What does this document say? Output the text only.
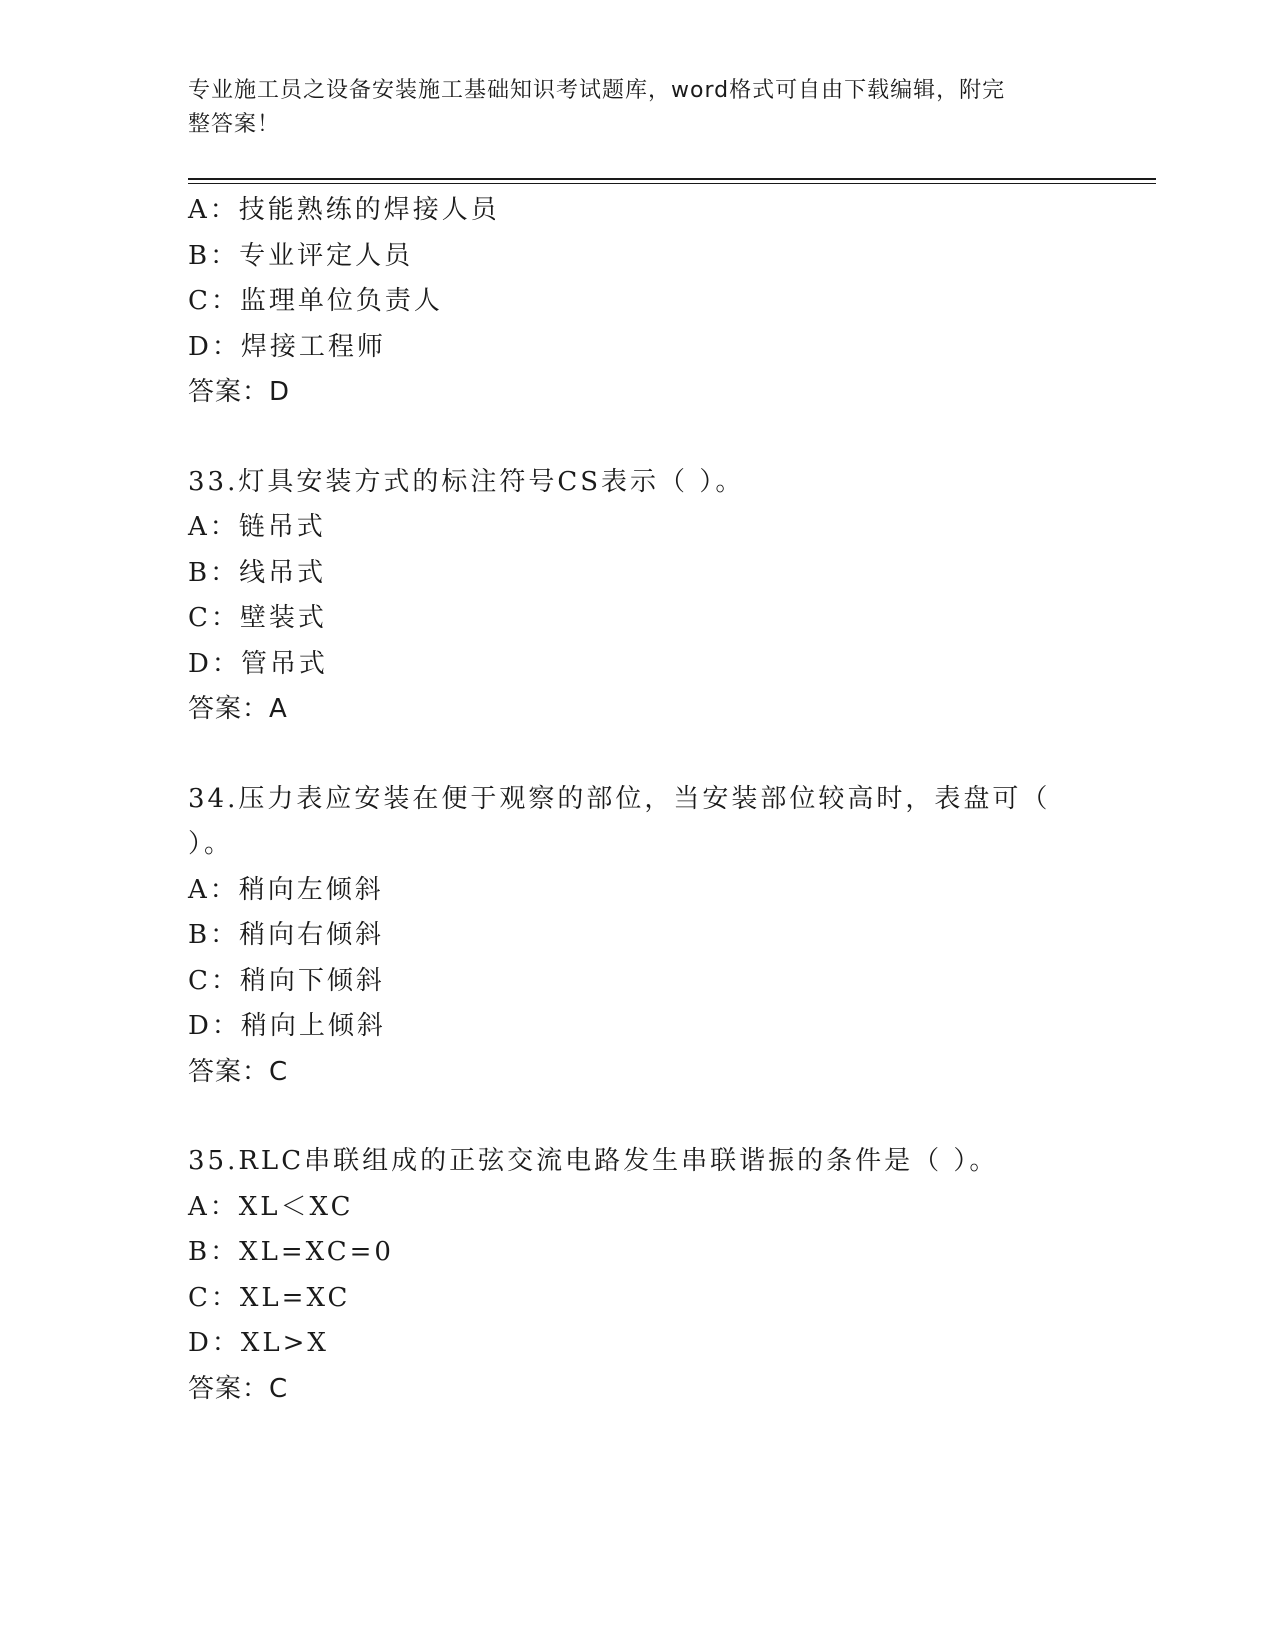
专业施工员之设备安装施工基础知识考试题库，word格式可自由下载编辑，附完
整答案！
A：技能熟练的焊接人员
B：专业评定人员
C：监理单位负责人
D：焊接工程师
答案：D
33.灯具安装方式的标注符号CS表示（ ）。
A：链吊式
B：线吊式
C：壁装式
D：管吊式
答案：A
34.压力表应安装在便于观察的部位，当安装部位较高时，表盘可（
）。
A：稍向左倾斜
B：稍向右倾斜
C：稍向下倾斜
D：稍向上倾斜
答案：C
35.RLC串联组成的正弦交流电路发生串联谐振的条件是（ ）。
A：XL＜XC
B：XL=XC=0
C：XL=XC
D：XL>X
答案：C
